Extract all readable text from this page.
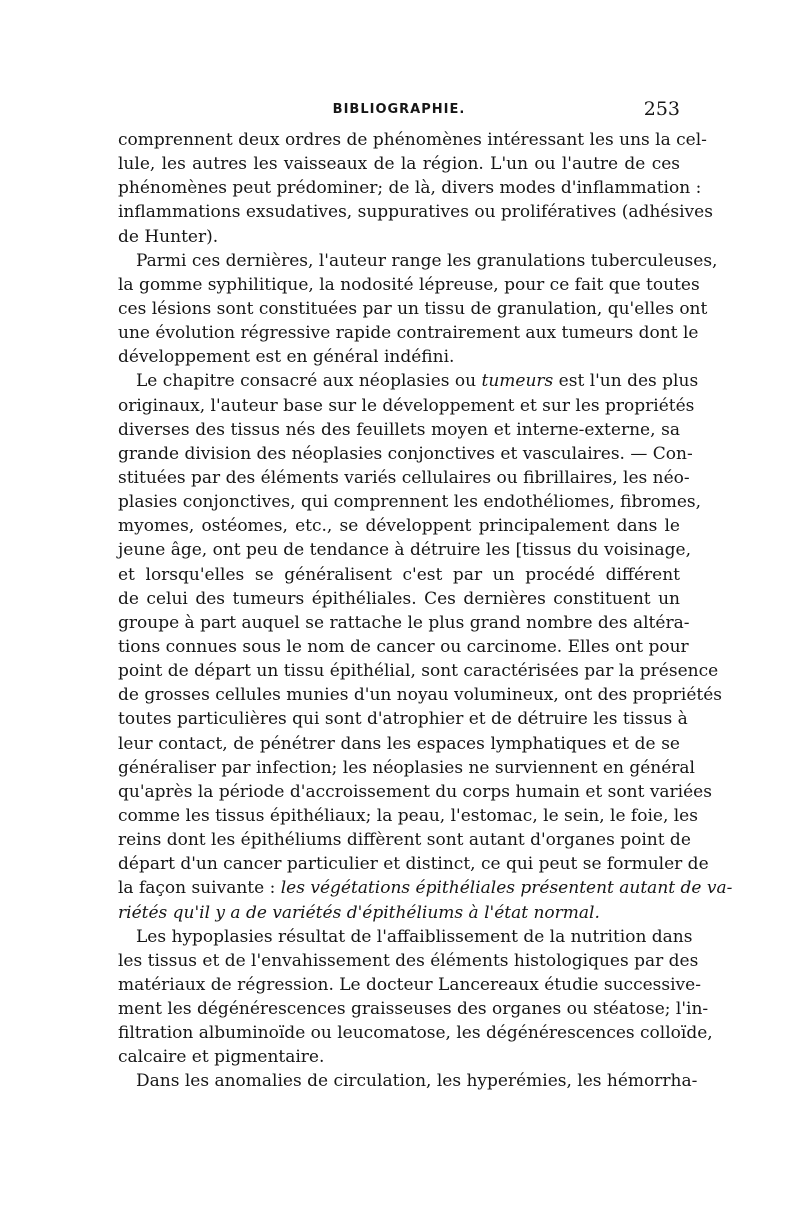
BIBLIOGRAPHIE.	253
comprennent deux ordres de phénomènes intéressant les uns la cel-
lule, les autres les vaisseaux de la région. L'un ou l'autre de ces
phénomènes peut prédominer; de là, divers modes d'inflammation :
inflammations exsudatives, suppuratives ou prolifératives (adhésives
de Hunter).
Parmi ces dernières, l'auteur range les granulations tuberculeuses,
la gomme syphilitique, la nodosité lépreuse, pour ce fait que toutes
ces lésions sont constituées par un tissu de granulation, qu'elles ont
une évolution régressive rapide contrairement aux tumeurs dont le
développement est en général indéfini.
Le chapitre consacré aux néoplasies ou tumeurs est l'un des plus
originaux, l'auteur base sur le développement et sur les propriétés
diverses des tissus nés des feuillets moyen et interne-externe, sa
grande division des néoplasies conjonctives et vasculaires. — Con-
stituées par des éléments variés cellulaires ou fibrillaires, les néo-
plasies conjonctives, qui comprennent les endothéliomes, fibromes,
myomes, ostéomes, etc., se développent principalement dans le
jeune âge, ont peu de tendance à détruire les [tissus du voisinage,
et lorsqu'elles se généralisent c'est par un procédé différent
de celui des tumeurs épithéliales. Ces dernières constituent un
groupe à part auquel se rattache le plus grand nombre des altéra-
tions connues sous le nom de cancer ou carcinome. Elles ont pour
point de départ un tissu épithélial, sont caractérisées par la présence
de grosses cellules munies d'un noyau volumineux, ont des propriétés
toutes particulières qui sont d'atrophier et de détruire les tissus à
leur contact, de pénétrer dans les espaces lymphatiques et de se
généraliser par infection; les néoplasies ne surviennent en général
qu'après la période d'accroissement du corps humain et sont variées
comme les tissus épithéliaux; la peau, l'estomac, le sein, le foie, les
reins dont les épithéliums diffèrent sont autant d'organes point de
départ d'un cancer particulier et distinct, ce qui peut se formuler de
la façon suivante : les végétations épithéliales présentent autant de va-
riétés qu'il y a de variétés d'épithéliums à l'état normal.
Les hypoplasies résultat de l'affaiblissement de la nutrition dans
les tissus et de l'envahissement des éléments histologiques par des
matériaux de régression. Le docteur Lancereaux étudie successive-
ment les dégénérescences graisseuses des organes ou stéatose; l'in-
filtration albuminoïde ou leucomatose, les dégénérescences colloïde,
calcaire et pigmentaire.
Dans les anomalies de circulation, les hyperémies, les hémorrha-
